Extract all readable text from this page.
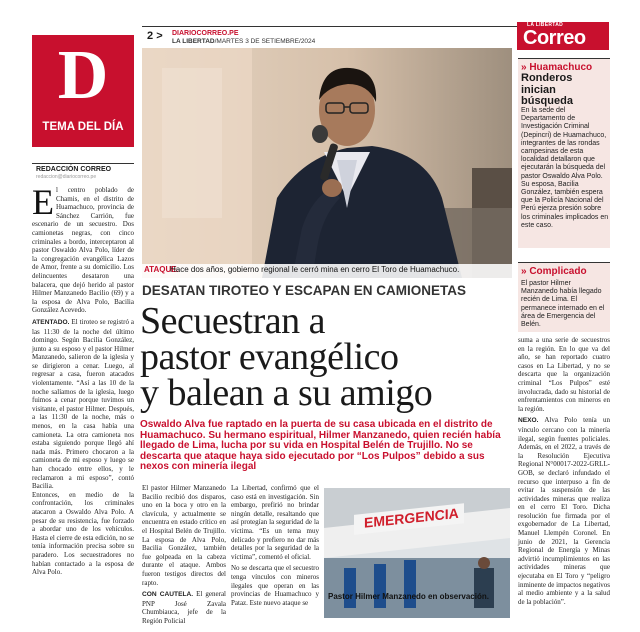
2 > DIARIOCORREO.PE
LA LIBERTAD/MARTES 3 DE SETIEMBRE/2024
LA LIBERTAD
Correo
D
TEMA DEL DÍA
ATAQUE.
Hace dos años, gobierno regional le cerró mina en cerro El Toro de Huamachuco.
REDACCIÓN CORREO
redaccion@diariocorreo.pe

El centro poblado de Chamis, en el distrito de Huamachuco, provincia de Sánchez Carrión, fue escenario de un secuestro. Dos camionetas negras, con cinco criminales a bordo, interceptaron al pastor Oswaldo Alva Polo, líder de la congregación evangélica Lazos de Amor, frente a su domicilio. Los delincuentes desataron una balacera, que dejó herido al pastor Hilmer Manzanedo Bacilio (69) y a la esposa de Alva Polo, Bacilia González Acevedo.

ATENTADO. El tiroteo se registró a las 11:30 de la noche del último domingo. Según Bacilia González, junto a su esposo y el pastor Hilmer Manzanedo, salieron de la iglesia y se dirigieron a cenar. Luego, al regresar a casa, fueron atacados violentamente. “Así a las 10 de la noche salíamos de la iglesia, luego fuimos a cenar porque tuvimos un visitante, el pastor Hilmer. Después, a las 11:30 de la noche, más o menos, en la casa había una camioneta. La otra camioneta nos estaba siguiendo porque llegó ahí nada más. Primero chocaron a la camioneta de mi esposo y luego se han chocado entre ellos, y le reclamaron a mi esposo”, contó Bacilia.

Entonces, en medio de la confrontación, los criminales atacaron a Oswaldo Alva Polo. A pesar de su resistencia, fue forzado a abordar uno de los vehículos. Hasta el cierre de esta edición, no se tenía información precisa sobre su paradero. Los secuestradores no habían contactado a la esposa de Alva Polo.

DESATAN TIROTEO Y ESCAPAN EN CAMIONETAS
Secuestran a
pastor evangélico
y balean a su amigo
Oswaldo Alva fue raptado en la puerta de su casa ubicada en el distrito de Huamachuco. Su hermano espiritual, Hilmer Manzanedo, quien recién había llegado de Lima, lucha por su vida en Hospital Belén de Trujillo. No se descarta que ataque haya sido ejecutado por “Los Pulpos” debido a sus nexos con minería ilegal

El pastor Hilmer Manzanedo Bacilio recibió dos disparos, uno en la boca y otro en la clavícula, y actualmente se encuentra en estado crítico en el Hospital Belén de Trujillo. La esposa de Alva Polo, Bacilia González, también fue golpeada en la cabeza durante el ataque. Ambos fueron testigos directos del rapto.

CON CAUTELA. El general PNP José Zavala Chumbiauca, jefe de la Región Policial

La Libertad, confirmó que el caso está en investigación. Sin embargo, prefirió no brindar ningún detalle, resaltando que así protegían la seguridad de la víctima. “Es un tema muy delicado y prefiero no dar más detalles por la seguridad de la víctima”, comentó el oficial.

No se descarta que el secuestro tenga vínculos con mineros ilegales que operan en las provincias de Huamachuco y Pataz. Este nuevo ataque se

EMERGENCIA
Pastor Hilmer Manzanedo en observación.

suma a una serie de secuestros en la región. En lo que va del año, se han reportado cuatro casos en La Libertad, y no se descarta que la organización criminal “Los Pulpos” esté involucrada, dado su historial de enfrentamientos con mineros en la región.

NEXO. Alva Polo tenía un vínculo cercano con la minería ilegal, según fuentes policiales. Además, en el 2022, a través de la Resolución Ejecutiva Regional N°00017-2022-GRLL-GOB, se declaró infundado el recurso que interpuso a fin de evitar la suspensión de las actividades mineras que realiza en el cerro El Toro. Dicha resolución fue firmada por el exgobernador de La Libertad, Manuel Llempén Coronel. En junio de 2021, la Gerencia Regional de Energía y Minas advirtió incumplimientos en las actividades mineras que ejecutaba en El Toro y “peligro inminente de impactos negativos al medio ambiente y a la salud de la población”.

» Huamachuco
Ronderos inician búsqueda
En la sede del Departamento de Investigación Criminal (Depincri) de Huamachuco, integrantes de las rondas campesinas de esta localidad detallaron que ejecutarán la búsqueda del pastor Oswaldo Alva Polo. Su esposa, Bacilia González, también espera que la Policía Nacional del Perú ejerza presión sobre los criminales implicados en este caso.
» Complicado
El pastor Hilmer Manzanedo había llegado recién de Lima. El permanece internado en el área de Emergencia del Belén.
